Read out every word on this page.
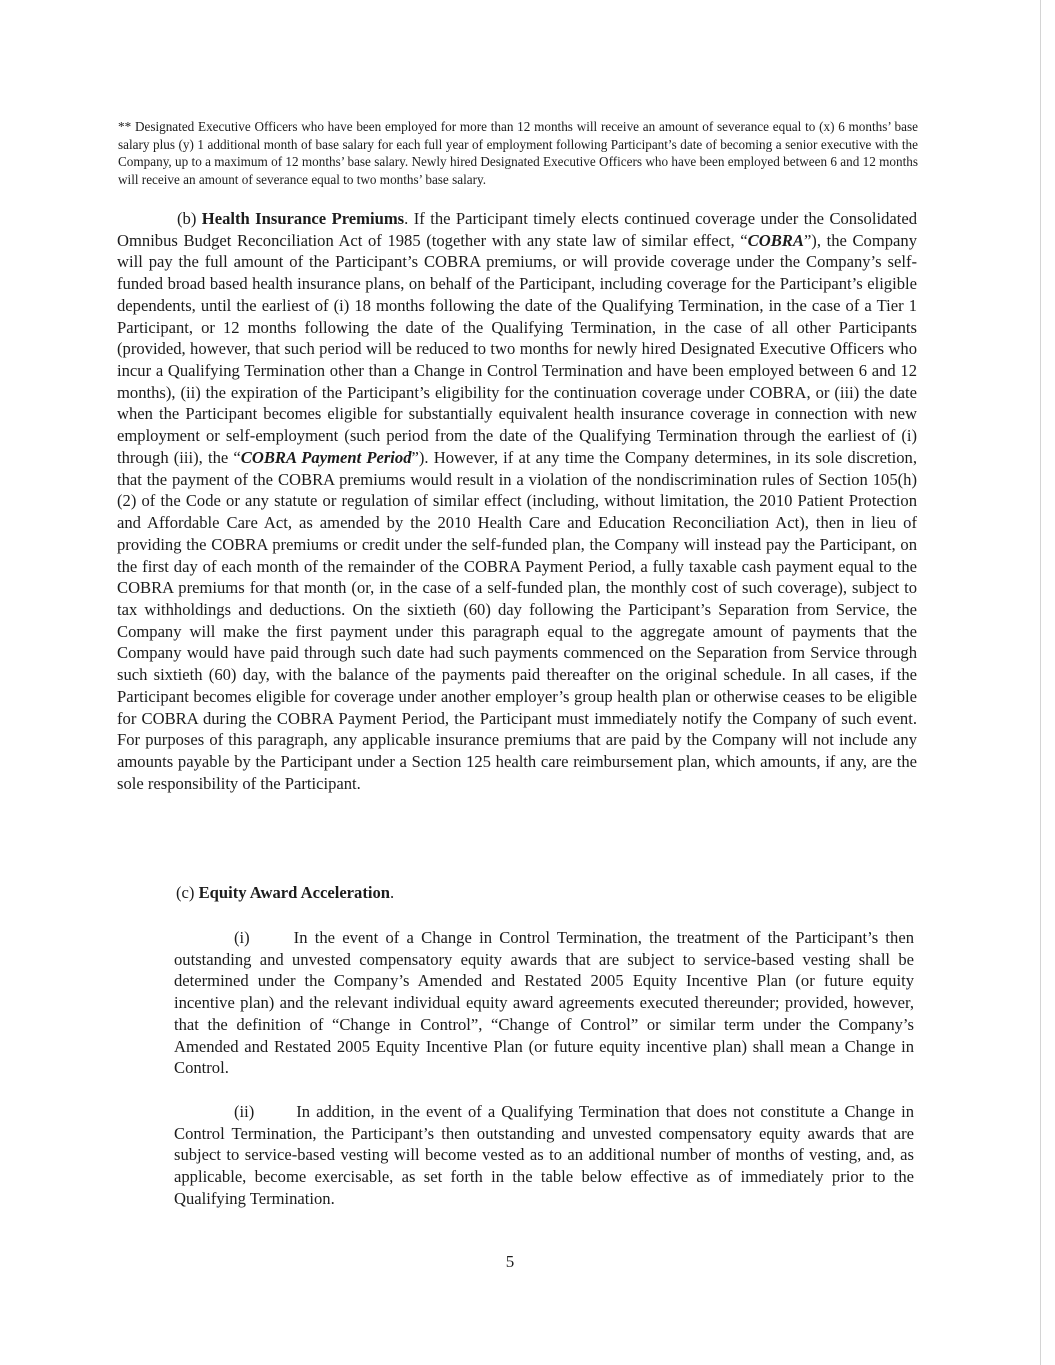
** Designated Executive Officers who have been employed for more than 12 months will receive an amount of severance equal to (x) 6 months’ base salary plus (y) 1 additional month of base salary for each full year of employment following Participant’s date of becoming a senior executive with the Company, up to a maximum of 12 months’ base salary. Newly hired Designated Executive Officers who have been employed between 6 and 12 months will receive an amount of severance equal to two months’ base salary.

(b) Health Insurance Premiums. If the Participant timely elects continued coverage under the Consolidated Omnibus Budget Reconciliation Act of 1985 (together with any state law of similar effect, “COBRA”), the Company will pay the full amount of the Participant’s COBRA premiums, or will provide coverage under the Company’s self-funded broad based health insurance plans, on behalf of the Participant, including coverage for the Participant’s eligible dependents, until the earliest of (i) 18 months following the date of the Qualifying Termination, in the case of a Tier 1 Participant, or 12 months following the date of the Qualifying Termination, in the case of all other Participants (provided, however, that such period will be reduced to two months for newly hired Designated Executive Officers who incur a Qualifying Termination other than a Change in Control Termination and have been employed between 6 and 12 months), (ii) the expiration of the Participant’s eligibility for the continuation coverage under COBRA, or (iii) the date when the Participant becomes eligible for substantially equivalent health insurance coverage in connection with new employment or self-employment (such period from the date of the Qualifying Termination through the earliest of (i) through (iii), the “COBRA Payment Period”). However, if at any time the Company determines, in its sole discretion, that the payment of the COBRA premiums would result in a violation of the nondiscrimination rules of Section 105(h)(2) of the Code or any statute or regulation of similar effect (including, without limitation, the 2010 Patient Protection and Affordable Care Act, as amended by the 2010 Health Care and Education Reconciliation Act), then in lieu of providing the COBRA premiums or credit under the self-funded plan, the Company will instead pay the Participant, on the first day of each month of the remainder of the COBRA Payment Period, a fully taxable cash payment equal to the COBRA premiums for that month (or, in the case of a self-funded plan, the monthly cost of such coverage), subject to tax withholdings and deductions. On the sixtieth (60) day following the Participant’s Separation from Service, the Company will make the first payment under this paragraph equal to the aggregate amount of payments that the Company would have paid through such date had such payments commenced on the Separation from Service through such sixtieth (60) day, with the balance of the payments paid thereafter on the original schedule. In all cases, if the Participant becomes eligible for coverage under another employer’s group health plan or otherwise ceases to be eligible for COBRA during the COBRA Payment Period, the Participant must immediately notify the Company of such event. For purposes of this paragraph, any applicable insurance premiums that are paid by the Company will not include any amounts payable by the Participant under a Section 125 health care reimbursement plan, which amounts, if any, are the sole responsibility of the Participant.

(c) Equity Award Acceleration.

(i)	In the event of a Change in Control Termination, the treatment of the Participant’s then outstanding and unvested compensatory equity awards that are subject to service-based vesting shall be determined under the Company’s Amended and Restated 2005 Equity Incentive Plan (or future equity incentive plan) and the relevant individual equity award agreements executed thereunder; provided, however, that the definition of “Change in Control”, “Change of Control” or similar term under the Company’s Amended and Restated 2005 Equity Incentive Plan (or future equity incentive plan) shall mean a Change in Control.

(ii)	In addition, in the event of a Qualifying Termination that does not constitute a Change in Control Termination, the Participant’s then outstanding and unvested compensatory equity awards that are subject to service-based vesting will become vested as to an additional number of months of vesting, and, as applicable, become exercisable, as set forth in the table below effective as of immediately prior to the Qualifying Termination.

5
